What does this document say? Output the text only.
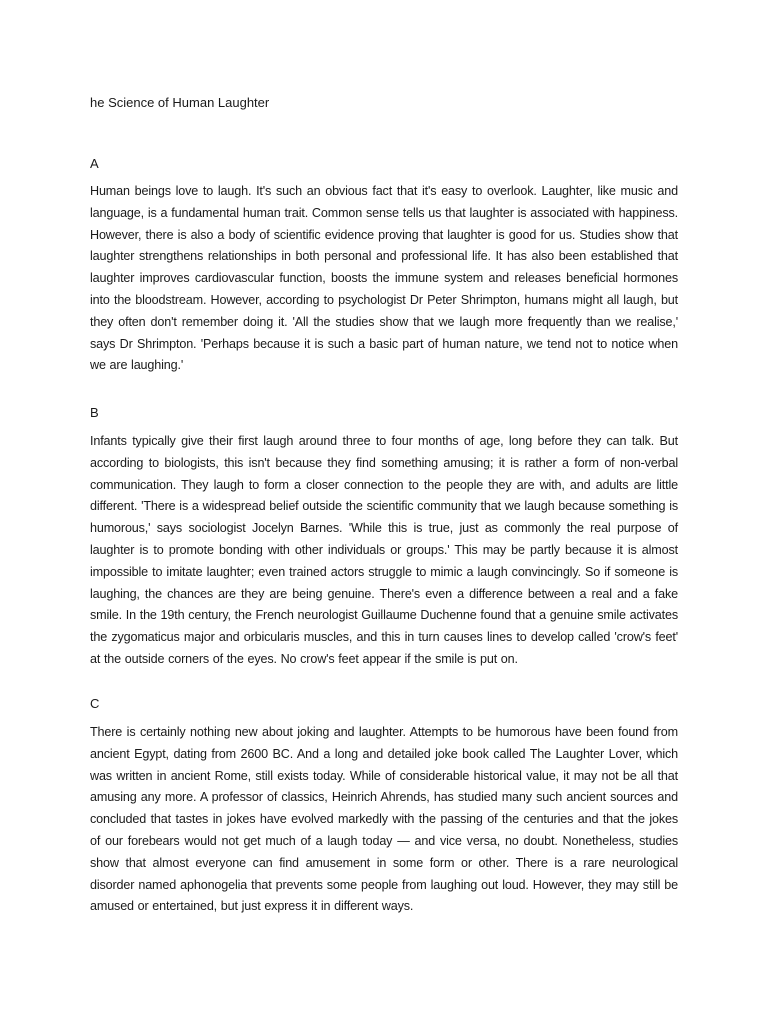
he Science of Human Laughter
A

Human beings love to laugh. It's such an obvious fact that it's easy to overlook. Laughter, like music and language, is a fundamental human trait. Common sense tells us that laughter is associated with happiness. However, there is also a body of scientific evidence proving that laughter is good for us. Studies show that laughter strengthens relationships in both personal and professional life. It has also been established that laughter improves cardiovascular function, boosts the immune system and releases beneficial hormones into the bloodstream. However, according to psychologist Dr Peter Shrimpton, humans might all laugh, but they often don't remember doing it. 'All the studies show that we laugh more frequently than we realise,' says Dr Shrimpton. 'Perhaps because it is such a basic part of human nature, we tend not to notice when we are laughing.'

B

Infants typically give their first laugh around three to four months of age, long before they can talk. But according to biologists, this isn't because they find something amusing; it is rather a form of non-verbal communication. They laugh to form a closer connection to the people they are with, and adults are little different. 'There is a widespread belief outside the scientific community that we laugh because something is humorous,' says sociologist Jocelyn Barnes. 'While this is true, just as commonly the real purpose of laughter is to promote bonding with other individuals or groups.' This may be partly because it is almost impossible to imitate laughter; even trained actors struggle to mimic a laugh convincingly. So if someone is laughing, the chances are they are being genuine. There's even a difference between a real and a fake smile. In the 19th century, the French neurologist Guillaume Duchenne found that a genuine smile activates the zygomaticus major and orbicularis muscles, and this in turn causes lines to develop called 'crow's feet' at the outside corners of the eyes. No crow's feet appear if the smile is put on.

C

There is certainly nothing new about joking and laughter. Attempts to be humorous have been found from ancient Egypt, dating from 2600 BC. And a long and detailed joke book called The Laughter Lover, which was written in ancient Rome, still exists today. While of considerable historical value, it may not be all that amusing any more. A professor of classics, Heinrich Ahrends, has studied many such ancient sources and concluded that tastes in jokes have evolved markedly with the passing of the centuries and that the jokes of our forebears would not get much of a laugh today — and vice versa, no doubt. Nonetheless, studies show that almost everyone can find amusement in some form or other. There is a rare neurological disorder named aphonogelia that prevents some people from laughing out loud. However, they may still be amused or entertained, but just express it in different ways.
